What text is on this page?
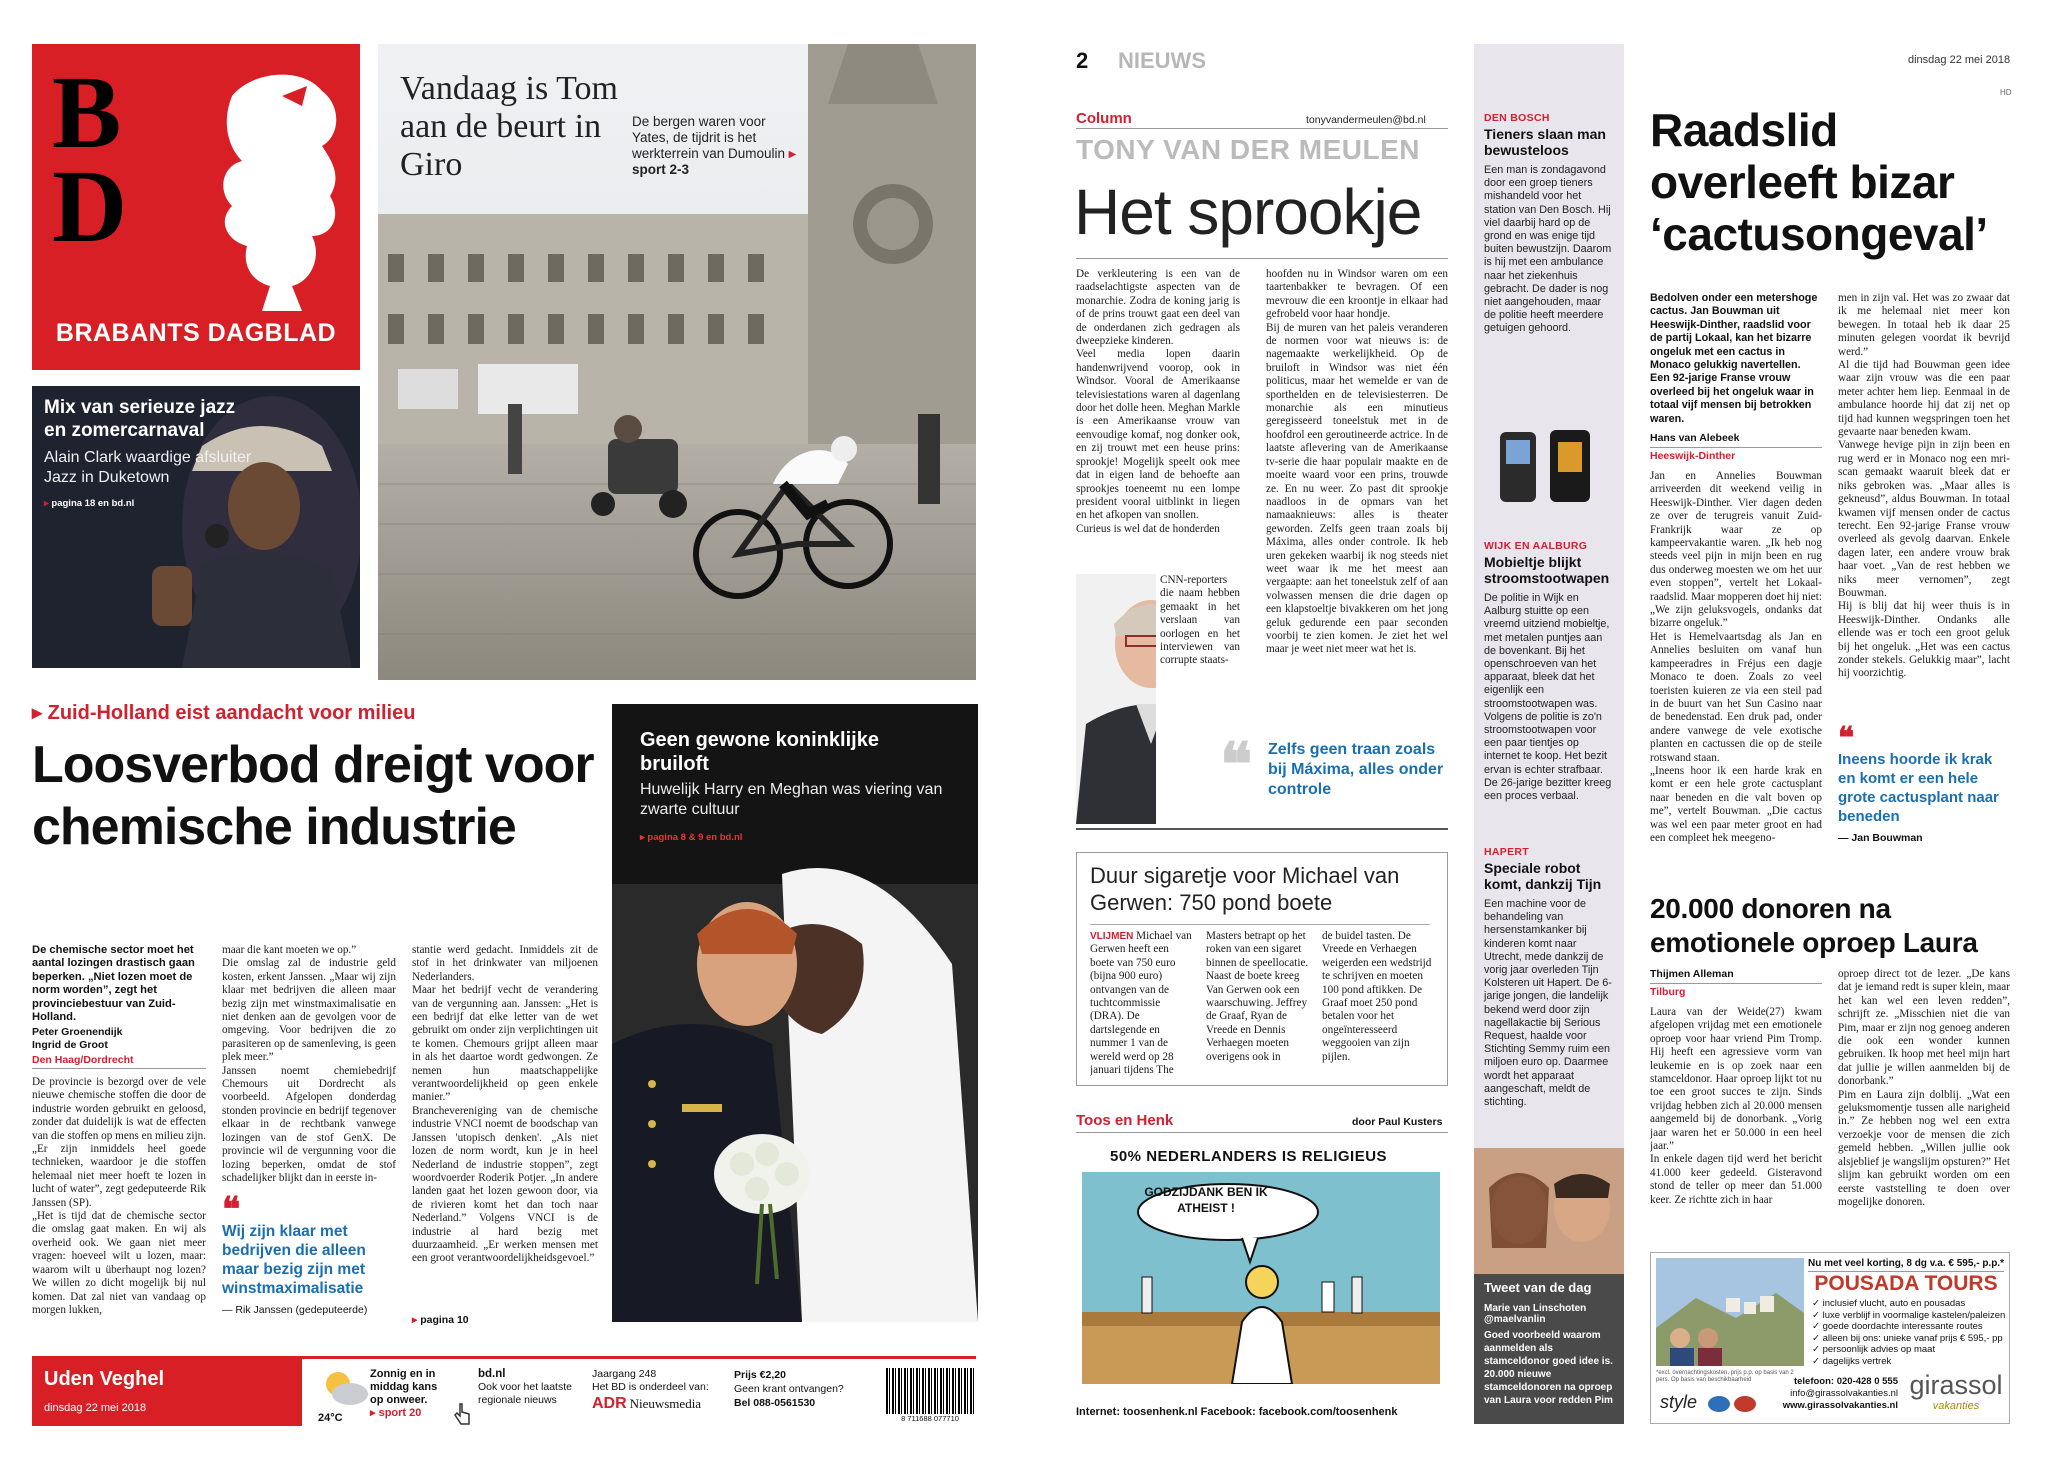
B
D
BRABANTS DAGBLAD
Vandaag is Tom aan de beurt in Giro
De bergen waren voor Yates, de tijdrit is het werkterrein van Dumoulin ▸ sport 2-3
Mix van serieuze jazz en zomercarnaval

Alain Clark waardige afsluiter Jazz in Duketown

▸ pagina 18 en bd.nl
▸ Zuid-Holland eist aandacht voor milieu
Loosverbod dreigt voor chemische industrie
De chemische sector moet het aantal lozingen drastisch gaan beperken. „Niet lozen moet de norm worden”, zegt het provinciebestuur van Zuid-Holland.
Peter Groenendijk
Ingrid de Groot
Den Haag/Dordrecht
De provincie is bezorgd over de vele nieuwe chemische stoffen die door de industrie worden gebruikt en geloosd, zonder dat duidelijk is wat de effecten van die stoffen op mens en milieu zijn. „Er zijn inmiddels heel goede technieken, waardoor je die stoffen helemaal niet meer hoeft te lozen in lucht of water”, zegt gedeputeerde Rik Janssen (SP).
„Het is tijd dat de chemische sector die omslag gaat maken. En wij als overheid ook. We gaan niet meer vragen: hoeveel wilt u lozen, maar: waarom wilt u überhaupt nog lozen? We willen zo dicht mogelijk bij nul komen. Dat zal niet van vandaag op morgen lukken,
maar die kant moeten we op.”
Die omslag zal de industrie geld kosten, erkent Janssen. „Maar wij zijn klaar met bedrijven die alleen maar bezig zijn met winstmaximalisatie en niet denken aan de gevolgen voor de omgeving. Voor bedrijven die zo parasiteren op de samenleving, is geen plek meer.”
Janssen noemt chemiebedrijf Chemours uit Dordrecht als voorbeeld. Afgelopen donderdag stonden provincie en bedrijf tegenover elkaar in de rechtbank vanwege lozingen van de stof GenX. De provincie wil de vergunning voor die lozing beperken, omdat de stof schadelijker blijkt dan in eerste in-
❝
Wij zijn klaar met bedrijven die alleen maar bezig zijn met winstmaximalisatie
— Rik Janssen (gedeputeerde)
stantie werd gedacht. Inmiddels zit de stof in het drinkwater van miljoenen Nederlanders.
Maar het bedrijf vecht de verandering van de vergunning aan. Janssen: „Het is een bedrijf dat elke letter van de wet gebruikt om onder zijn verplichtingen uit te komen. Chemours grijpt alleen maar in als het daartoe wordt gedwongen. Ze nemen hun maatschappelijke verantwoordelijkheid op geen enkele manier.”
Branchevereniging van de chemische industrie VNCI noemt de boodschap van Janssen 'utopisch denken'. „Als niet lozen de norm wordt, kun je in heel Nederland de industrie stoppen”, zegt woordvoerder Roderik Potjer. „In andere landen gaat het lozen gewoon door, via de rivieren komt het dan toch naar Nederland.” Volgens VNCI is de industrie al hard bezig met duurzaamheid. „Er werken mensen met een groot verantwoordelijkheidsgevoel.”
▸ pagina 10
Geen gewone koninklijke bruiloft

Huwelijk Harry en Meghan was viering van zwarte cultuur

▸ pagina 8 & 9 en bd.nl
Uden Veghel
dinsdag 22 mei 2018
24°C
Zonnig en in middag kans op onweer.
▸ sport 20
bd.nl
Ook voor het laatste regionale nieuws
Jaargang 248
Het BD is onderdeel van:
ADR Nieuwsmedia
Prijs €2,20
Geen krant ontvangen?
Bel 088-0561530
8 711688 077710
2 NIEUWS	dinsdag 22 mei 2018
HD
Column	tonyvandermeulen@bd.nl
TONY VAN DER MEULEN
Het sprookje
De verkleutering is een van de raadselachtigste aspecten van de monarchie. Zodra de koning jarig is of de prins trouwt gaat een deel van de onderdanen zich gedragen als dweepzieke kinderen.
Veel media lopen daarin handenwrijvend voorop, ook in Windsor. Vooral de Amerikaanse televisiestations waren al dagenlang door het dolle heen. Meghan Markle is een Amerikaanse vrouw van eenvoudige komaf, nog donker ook, en zij trouwt met een heuse prins: sprookje! Mogelijk speelt ook mee dat in eigen land de behoefte aan sprookjes toeneemt nu een lompe president vooral uitblinkt in liegen en het afkopen van snollen.
Curieus is wel dat de honderden
CNN-reporters die naam hebben gemaakt in het verslaan van oorlogen en het interviewen van corrupte staats-
hoofden nu in Windsor waren om een taartenbakker te bevragen. Of een mevrouw die een kroontje in elkaar had gefrobeld voor haar hondje.
Bij de muren van het paleis veranderen de normen voor wat nieuws is: de nagemaakte werkelijkheid. Op de bruiloft in Windsor was niet één politicus, maar het wemelde er van de sporthelden en de televisiesterren. De monarchie als een minutieus geregisseerd toneelstuk met in de hoofdrol een geroutineerde actrice. In de laatste aflevering van de Amerikaanse tv-serie die haar populair maakte en de moeite waard voor een prins, trouwde ze. En nu weer. Zo past dit sprookje naadloos in de opmars van het namaaknieuws: alles is theater geworden. Zelfs geen traan zoals bij Máxima, alles onder controle. Ik heb uren gekeken waarbij ik nog steeds niet weet waar ik me het meest aan vergaapte: aan het toneelstuk zelf of aan volwassen mensen die drie dagen op een klapstoeltje bivakkeren om het jong geluk gedurende een paar seconden voorbij te zien komen. Je ziet het wel maar je weet niet meer wat het is.
❝ Zelfs geen traan zoals bij Máxima, alles onder controle
Duur sigaretje voor Michael van Gerwen: 750 pond boete
VLIJMEN Michael van Gerwen heeft een boete van 750 euro (bijna 900 euro) ontvangen van de tuchtcommissie (DRA). De dartslegende en nummer 1 van de wereld werd op 28 januari tijdens The
Masters betrapt op het roken van een sigaret binnen de speellocatie. Naast de boete kreeg Van Gerwen ook een waarschuwing. Jeffrey de Graaf, Ryan de Vreede en Dennis Verhaegen moeten overigens ook in
de buidel tasten. De Vreede en Verhaegen weigerden een wedstrijd te schrijven en moeten 100 pond aftikken. De Graaf moet 250 pond betalen voor het ongeïnteresseerd weggooien van zijn pijlen.
Toos en Henk	door Paul Kusters
50% NEDERLANDERS IS RELIGIEUS
GODZIJDANK BEN IK ATHEIST !
Internet: toosenhenk.nl Facebook: facebook.com/toosenhenk
DEN BOSCH
Tieners slaan man bewusteloos
Een man is zondagavond door een groep tieners mishandeld voor het station van Den Bosch. Hij viel daarbij hard op de grond en was enige tijd buiten bewustzijn. Daarom is hij met een ambulance naar het ziekenhuis gebracht. De dader is nog niet aangehouden, maar de politie heeft meerdere getuigen gehoord.
WIJK EN AALBURG
Mobieltje blijkt stroomstootwapen
De politie in Wijk en Aalburg stuitte op een vreemd uitziend mobieltje, met metalen puntjes aan de bovenkant. Bij het openschroeven van het apparaat, bleek dat het eigenlijk een stroomstootwapen was. Volgens de politie is zo'n stroomstootwapen voor een paar tientjes op internet te koop. Het bezit ervan is echter strafbaar. De 26-jarige bezitter kreeg een proces verbaal.
HAPERT
Speciale robot komt, dankzij Tijn
Een machine voor de behandeling van hersenstamkanker bij kinderen komt naar Utrecht, mede dankzij de vorig jaar overleden Tijn Kolsteren uit Hapert. De 6-jarige jongen, die landelijk bekend werd door zijn nagellakactie bij Serious Request, haalde voor Stichting Semmy ruim een miljoen euro op. Daarmee wordt het apparaat aangeschaft, meldt de stichting.
Tweet van de dag
Marie van Linschoten @maelvanlin
Goed voorbeeld waarom aanmelden als stamceldonor goed idee is. 20.000 nieuwe stamceldonoren na oproep van Laura voor redden Pim
Raadslid overleeft bizar ‘cactusongeval’
Bedolven onder een metershoge cactus. Jan Bouwman uit Heeswijk-Dinther, raadslid voor de partij Lokaal, kan het bizarre ongeluk met een cactus in Monaco gelukkig navertellen. Een 92-jarige Franse vrouw overleed bij het ongeluk waar in totaal vijf mensen bij betrokken waren.
Hans van Alebeek
Heeswijk-Dinther
Jan en Annelies Bouwman arriveerden dit weekend veilig in Heeswijk-Dinther. Vier dagen deden ze over de terugreis vanuit Zuid-Frankrijk waar ze op kampeervakantie waren. „Ik heb nog steeds veel pijn in mijn been en rug dus onderweg moesten we om het uur even stoppen”, vertelt het Lokaal-raadslid. Maar mopperen doet hij niet: „We zijn geluksvogels, ondanks dat bizarre ongeluk.”
Het is Hemelvaartsdag als Jan en Annelies besluiten om vanaf hun kampeeradres in Fréjus een dagje Monaco te doen. Zoals zo veel toeristen kuieren ze via een steil pad in de buurt van het Sun Casino naar de benedenstad. Een druk pad, onder andere vanwege de vele exotische planten en cactussen die op de steile rotswand staan.
„Ineens hoor ik een harde krak en komt er een hele grote cactusplant naar beneden en die valt boven op me”, vertelt Bouwman. „Die cactus was wel een paar meter groot en had een compleet hek meegeno-
men in zijn val. Het was zo zwaar dat ik me helemaal niet meer kon bewegen. In totaal heb ik daar 25 minuten gelegen voordat ik bevrijd werd.”
Al die tijd had Bouwman geen idee waar zijn vrouw was die een paar meter achter hem liep. Eenmaal in de ambulance hoorde hij dat zij net op tijd had kunnen wegspringen toen het gevaarte naar beneden kwam.
Vanwege hevige pijn in zijn been en rug werd er in Monaco nog een mri-scan gemaakt waaruit bleek dat er niks gebroken was. „Maar alles is gekneusd”, aldus Bouwman. In totaal kwamen vijf mensen onder de cactus terecht. Een 92-jarige Franse vrouw overleed als gevolg daarvan. Enkele dagen later, een andere vrouw brak haar voet. „Van de rest hebben we niks meer vernomen”, zegt Bouwman.
Hij is blij dat hij weer thuis is in Heeswijk-Dinther. Ondanks alle ellende was er toch een groot geluk bij het ongeluk. „Het was een cactus zonder stekels. Gelukkig maar”, lacht hij voorzichtig.
❝
Ineens hoorde ik krak en komt er een hele grote cactusplant naar beneden
— Jan Bouwman
20.000 donoren na emotionele oproep Laura
Thijmen Alleman
Tilburg
Laura van der Weide(27) kwam afgelopen vrijdag met een emotionele oproep voor haar vriend Pim Tromp. Hij heeft een agressieve vorm van leukemie en is op zoek naar een stamceldonor. Haar oproep lijkt tot nu toe een groot succes te zijn. Sinds vrijdag hebben zich al 20.000 mensen aangemeld bij de donorbank. „Vorig jaar waren het er 50.000 in een heel jaar.”
In enkele dagen tijd werd het bericht 41.000 keer gedeeld. Gisteravond stond de teller op meer dan 51.000 keer. Ze richtte zich in haar
oproep direct tot de lezer. „De kans dat je iemand redt is super klein, maar het kan wel een leven redden”, schrijft ze. „Misschien niet die van Pim, maar er zijn nog genoeg anderen die ook een wonder kunnen gebruiken. Ik hoop met heel mijn hart dat jullie je willen aanmelden bij de donorbank.”
Pim en Laura zijn dolblij. „Wat een geluksmomentje tussen alle narigheid in.” Ze hebben nog wel een extra verzoekje voor de mensen die zich gemeld hebben. „Willen jullie ook alsjeblief je wangslijm opsturen?” Het slijm kan gebruikt worden om een eerste vaststelling te doen over mogelijke donoren.
Nu met veel korting, 8 dg v.a. € 595,- p.p.*
POUSADA TOURS
✓ inclusief vlucht, auto en pousadas
✓ luxe verblijf in voormalige kastelen/paleizen
✓ goede doordachte interessante routes
✓ alleen bij ons: unieke vanaf prijs € 595,- pp
✓ persoonlijk advies op maat
✓ dagelijks vertrek
*excl. overnachtingskosten, prijs p.p. op basis van 2 pers. Op basis van beschikbaarheid
style
telefoon: 020-428 0 555
info@girassolvakanties.nl
www.girassolvakanties.nl
girassol
vakanties
